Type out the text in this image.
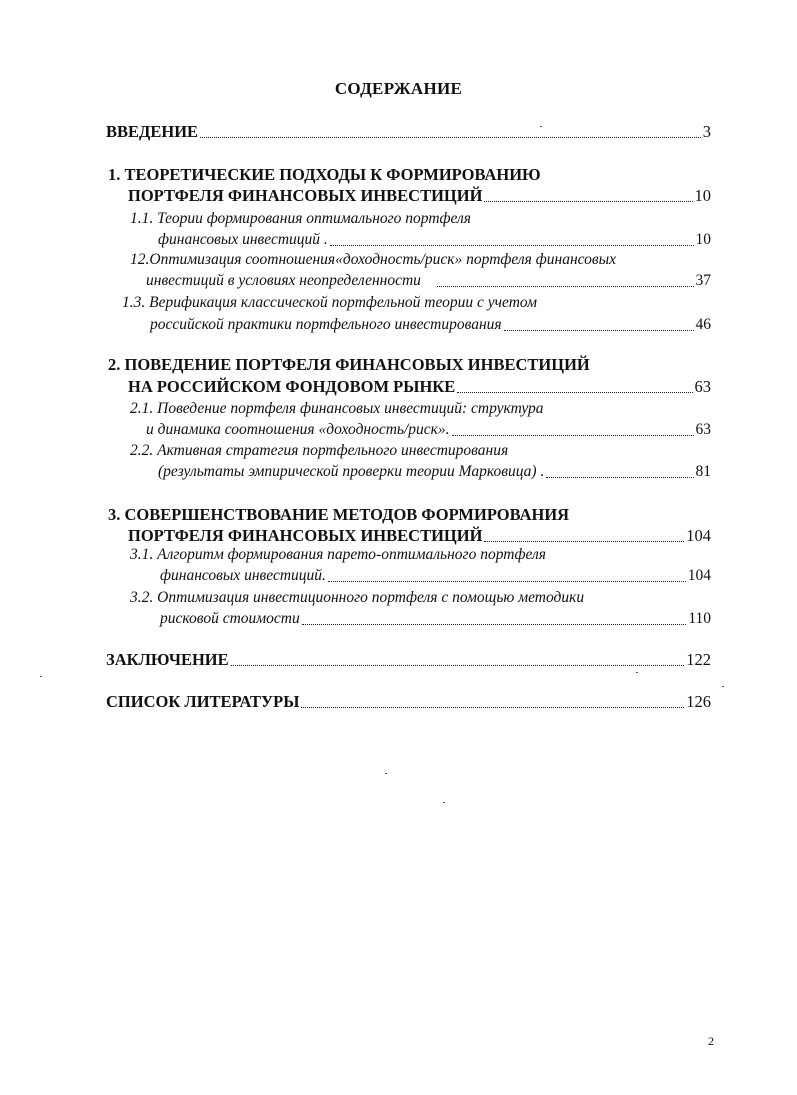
СОДЕРЖАНИЕ
ВВЕДЕНИЕ	3
1. ТЕОРЕТИЧЕСКИЕ ПОДХОДЫ К ФОРМИРОВАНИЮ
ПОРТФЕЛЯ ФИНАНСОВЫХ ИНВЕСТИЦИЙ	10
1.1. Теории формирования оптимального портфеля
финансовых инвестиций .	10
12.Оптимизация соотношения«доходность/риск» портфеля финансовых
инвестиций в условиях неопределенности	37
1.3. Верификация классической портфельной теории с учетом
российской практики портфельного инвестирования	46
2. ПОВЕДЕНИЕ ПОРТФЕЛЯ ФИНАНСОВЫХ ИНВЕСТИЦИЙ
НА РОССИЙСКОМ ФОНДОВОМ РЫНКЕ	63
2.1. Поведение портфеля финансовых инвестиций: структура
и динамика соотношения «доходность/риск».	63
2.2. Активная стратегия портфельного инвестирования
(результаты эмпирической проверки теории Марковица) .	81
3. СОВЕРШЕНСТВОВАНИЕ МЕТОДОВ ФОРМИРОВАНИЯ
ПОРТФЕЛЯ ФИНАНСОВЫХ ИНВЕСТИЦИЙ	104
3.1. Алгоритм формирования парето-оптимального портфеля
финансовых инвестиций.	104
3.2. Оптимизация инвестиционного портфеля с помощью методики
рисковой стоимости	110
ЗАКЛЮЧЕНИЕ	122
СПИСОК ЛИТЕРАТУРЫ	126
2
